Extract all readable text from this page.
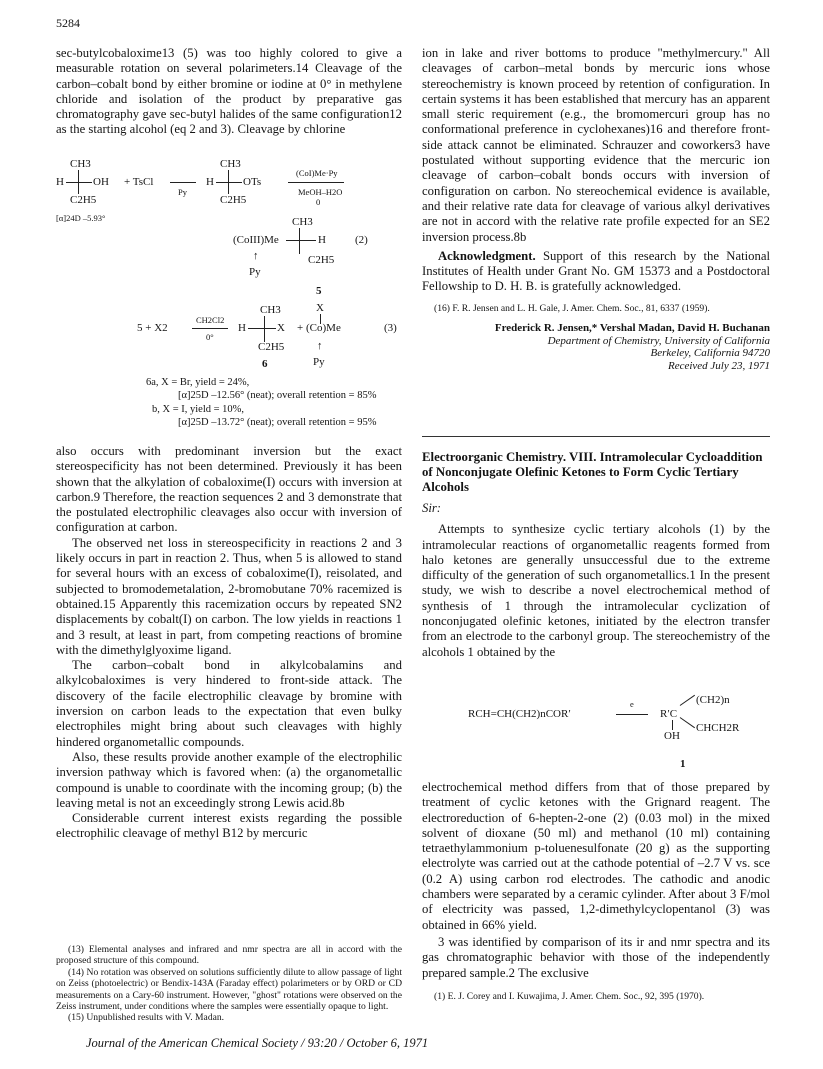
5284

sec-butylcobaloxime13 (5) was too highly colored to give a measurable rotation on several polarimeters.14 Cleavage of the carbon–cobalt bond by either bromine or iodine at 0° in methylene chloride and isolation of the product by preparative gas chromatography gave sec-butyl halides of the same configuration12 as the starting alcohol (eq 2 and 3). Cleavage by chlorine

CH3
H	OH
C2H5
+ TsCl
Py
CH3
H	OTs
C2H5
(CoI)Me·Py
MeOH–H2O
0
[α]24D –5.93°	CH3
(CoIII)Me	H	(2)
↑	C2H5
Py
5
CH3	X
5 + X2
CH2Cl2
0°
H	X + (Co)Me	(3)
C2H5	↑
Py
6
6a, X = Br, yield = 24%,
[α]25D –12.56° (neat); overall retention = 85%
b, X = I, yield = 10%,
[α]25D –13.72° (neat); overall retention = 95%

also occurs with predominant inversion but the exact stereospecificity has not been determined. Previously it has been shown that the alkylation of cobaloxime(I) occurs with inversion at carbon.9 Therefore, the reaction sequences 2 and 3 demonstrate that the postulated electrophilic cleavages also occur with inversion of configuration at carbon.

The observed net loss in stereospecificity in reactions 2 and 3 likely occurs in part in reaction 2. Thus, when 5 is allowed to stand for several hours with an excess of cobaloxime(I), reisolated, and subjected to bromodemetalation, 2-bromobutane 70% racemized is obtained.15 Apparently this racemization occurs by repeated SN2 displacements by cobalt(I) on carbon. The low yields in reactions 1 and 3 result, at least in part, from competing reactions of bromine with the dimethylglyoxime ligand.

The carbon–cobalt bond in alkylcobalamins and alkylcobaloximes is very hindered to front-side attack. The discovery of the facile electrophilic cleavage by bromine with inversion on carbon leads to the expectation that even bulky electrophiles might bring about such cleavages with highly hindered organometallic compounds.

Also, these results provide another example of the electrophilic inversion pathway which is favored when: (a) the organometallic compound is unable to coordinate with the incoming group; (b) the leaving metal is not an exceedingly strong Lewis acid.8b

Considerable current interest exists regarding the possible electrophilic cleavage of methyl B12 by mercuric

(13) Elemental analyses and infrared and nmr spectra are all in accord with the proposed structure of this compound.

(14) No rotation was observed on solutions sufficiently dilute to allow passage of light on Zeiss (photoelectric) or Bendix-143A (Faraday effect) polarimeters or by ORD or CD measurements on a Cary-60 instrument. However, "ghost" rotations were observed on the Zeiss instrument, under conditions where the samples were essentially opaque to light.

(15) Unpublished results with V. Madan.

ion in lake and river bottoms to produce "methylmercury." All cleavages of carbon–metal bonds by mercuric ions whose stereochemistry is known proceed by retention of configuration. In certain systems it has been established that mercury has an apparent small steric requirement (e.g., the bromomercuri group has no conformational preference in cyclohexanes)16 and therefore front-side attack cannot be eliminated. Schrauzer and coworkers3 have postulated without supporting evidence that the mercuric ion cleavage of carbon–cobalt bonds occurs with inversion of configuration on carbon. No stereochemical evidence is available, and their relative rate data for cleavage of various alkyl derivatives are not in accord with the relative rate profile expected for an SE2 inversion process.8b

Acknowledgment. Support of this research by the National Institutes of Health under Grant No. GM 15373 and a Postdoctoral Fellowship to D. H. B. is gratefully acknowledged.

(16) F. R. Jensen and L. H. Gale, J. Amer. Chem. Soc., 81, 6337 (1959).

Frederick R. Jensen,* Vershal Madan, David H. Buchanan
Department of Chemistry, University of California
Berkeley, California 94720
Received July 23, 1971
Electroorganic Chemistry. VIII. Intramolecular Cycloaddition of Nonconjugate Olefinic Ketones to Form Cyclic Tertiary Alcohols

Sir:

Attempts to synthesize cyclic tertiary alcohols (1) by the intramolecular reactions of organometallic reagents formed from halo ketones are generally unsuccessful due to the extreme difficulty of the generation of such organometallics.1 In the present study, we wish to describe a novel electrochemical method of synthesis of 1 through the intramolecular cyclization of nonconjugated olefinic ketones, initiated by the electron transfer from an electrode to the carbonyl group. The stereochemistry of the alcohols 1 obtained by the

RCH=CH(CH2)nCOR′
e	(CH2)n
R′C
CHCH2R
OH
1

electrochemical method differs from that of those prepared by treatment of cyclic ketones with the Grignard reagent. The electroreduction of 6-hepten-2-one (2) (0.03 mol) in the mixed solvent of dioxane (50 ml) and methanol (10 ml) containing tetraethylammonium p-toluenesulfonate (20 g) as the supporting electrolyte was carried out at the cathode potential of –2.7 V vs. sce (0.2 A) using carbon rod electrodes. The cathodic and anodic chambers were separated by a ceramic cylinder. After about 3 F/mol of electricity was passed, 1,2-dimethylcyclopentanol (3) was obtained in 66% yield.

3 was identified by comparison of its ir and nmr spectra and its gas chromatographic behavior with those of the independently prepared sample.2 The exclusive

(1) E. J. Corey and I. Kuwajima, J. Amer. Chem. Soc., 92, 395 (1970).

Journal of the American Chemical Society / 93:20 / October 6, 1971
